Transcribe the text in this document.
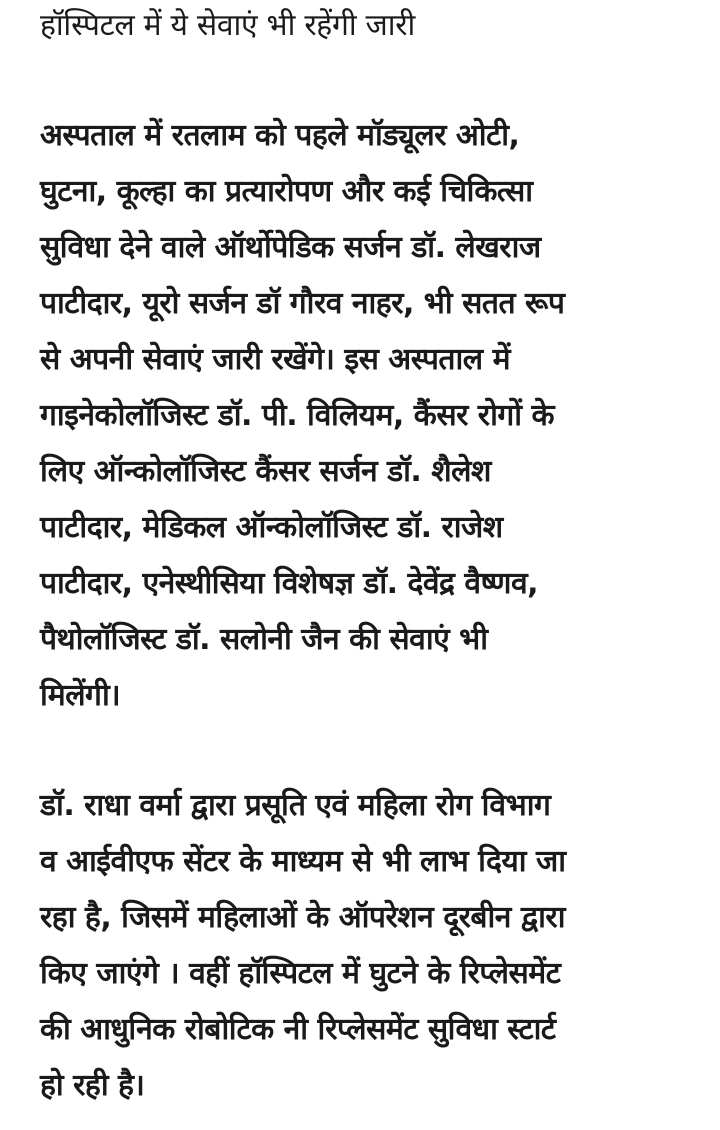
हॉस्पिटल में ये सेवाएं भी रहेंगी जारी
अस्पताल में रतलाम को पहले मॉड्यूलर ओटी,
घुटना, कूल्हा का प्रत्यारोपण और कई चिकित्सा
सुविधा देने वाले ऑर्थोपेडिक सर्जन डॉ. लेखराज
पाटीदार, यूरो सर्जन डॉ गौरव नाहर, भी सतत रूप
से अपनी सेवाएं जारी रखेंगे। इस अस्पताल में
गाइनेकोलॉजिस्ट डॉ. पी. विलियम, कैंसर रोगों के
लिए ऑन्कोलॉजिस्ट कैंसर सर्जन डॉ. शैलेश
पाटीदार, मेडिकल ऑन्कोलॉजिस्ट डॉ. राजेश
पाटीदार, एनेस्थीसिया विशेषज्ञ डॉ. देवेंद्र वैष्णव,
पैथोलॉजिस्ट डॉ. सलोनी जैन की सेवाएं भी
मिलेंगी।
डॉ. राधा वर्मा द्वारा प्रसूति एवं महिला रोग विभाग
व आईवीएफ सेंटर के माध्यम से भी लाभ दिया जा
रहा है, जिसमें महिलाओं के ऑपरेशन दूरबीन द्वारा
किए जाएंगे । वहीं हॉस्पिटल में घुटने के रिप्लेसमेंट
की आधुनिक रोबोटिक नी रिप्लेसमेंट सुविधा स्टार्ट
हो रही है।
